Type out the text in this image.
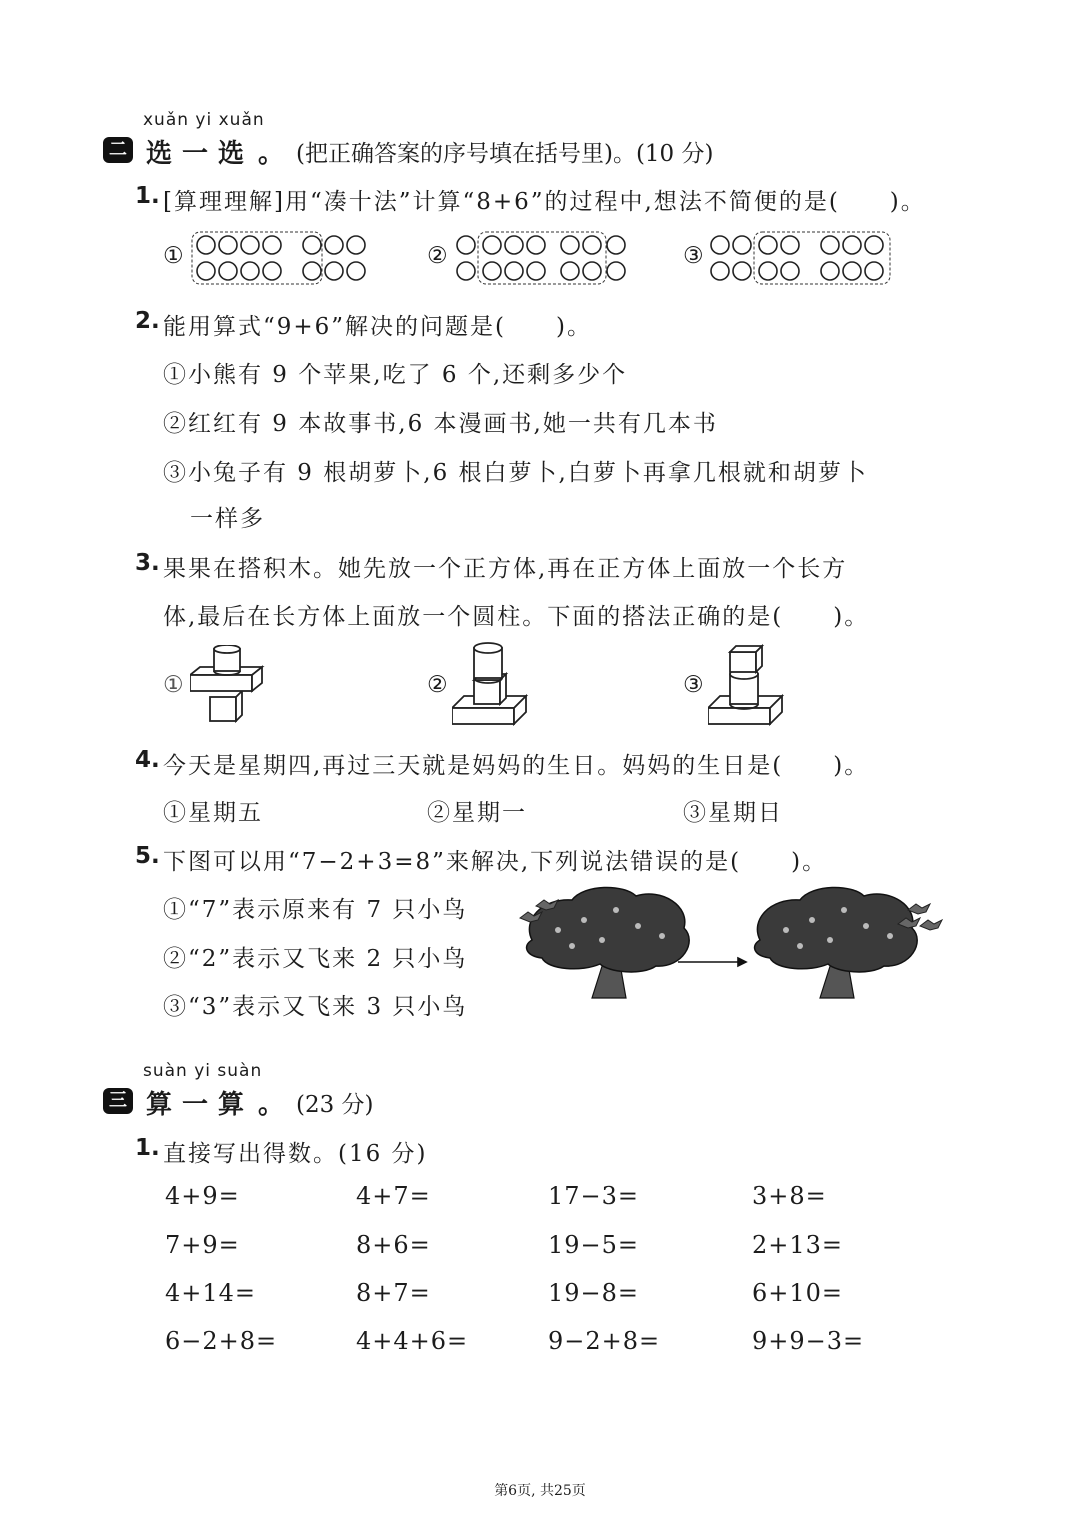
xuǎn yi xuǎn
二 选一选 。 (把正确答案的序号填在括号里)。(10 分)
1. [算理理解]用“凑十法”计算“8+6”的过程中,想法不简便的是(　　)。
①	②	③
2. 能用算式“9+6”解决的问题是(　　)。
①小熊有 9 个苹果,吃了 6 个,还剩多少个
②红红有 9 本故事书,6 本漫画书,她一共有几本书
③小兔子有 9 根胡萝卜,6 根白萝卜,白萝卜再拿几根就和胡萝卜
一样多
3. 果果在搭积木。她先放一个正方体,再在正方体上面放一个长方
体,最后在长方体上面放一个圆柱。下面的搭法正确的是(　　)。
①	②	③
4. 今天是星期四,再过三天就是妈妈的生日。妈妈的生日是(　　)。
①星期五	②星期一	③星期日
5. 下图可以用“7−2+3=8”来解决,下列说法错误的是(　　)。
①“7”表示原来有 7 只小鸟
②“2”表示又飞来 2 只小鸟
③“3”表示又飞来 3 只小鸟
suàn yi suàn
三 算一算 。 (23 分)
1. 直接写出得数。(16 分)
4+9=	4+7=	17−3=	3+8=
7+9=	8+6=	19−5=	2+13=
4+14=	8+7=	19−8=	6+10=
6−2+8=	4+4+6=	9−2+8=	9+9−3=
第6页, 共25页
